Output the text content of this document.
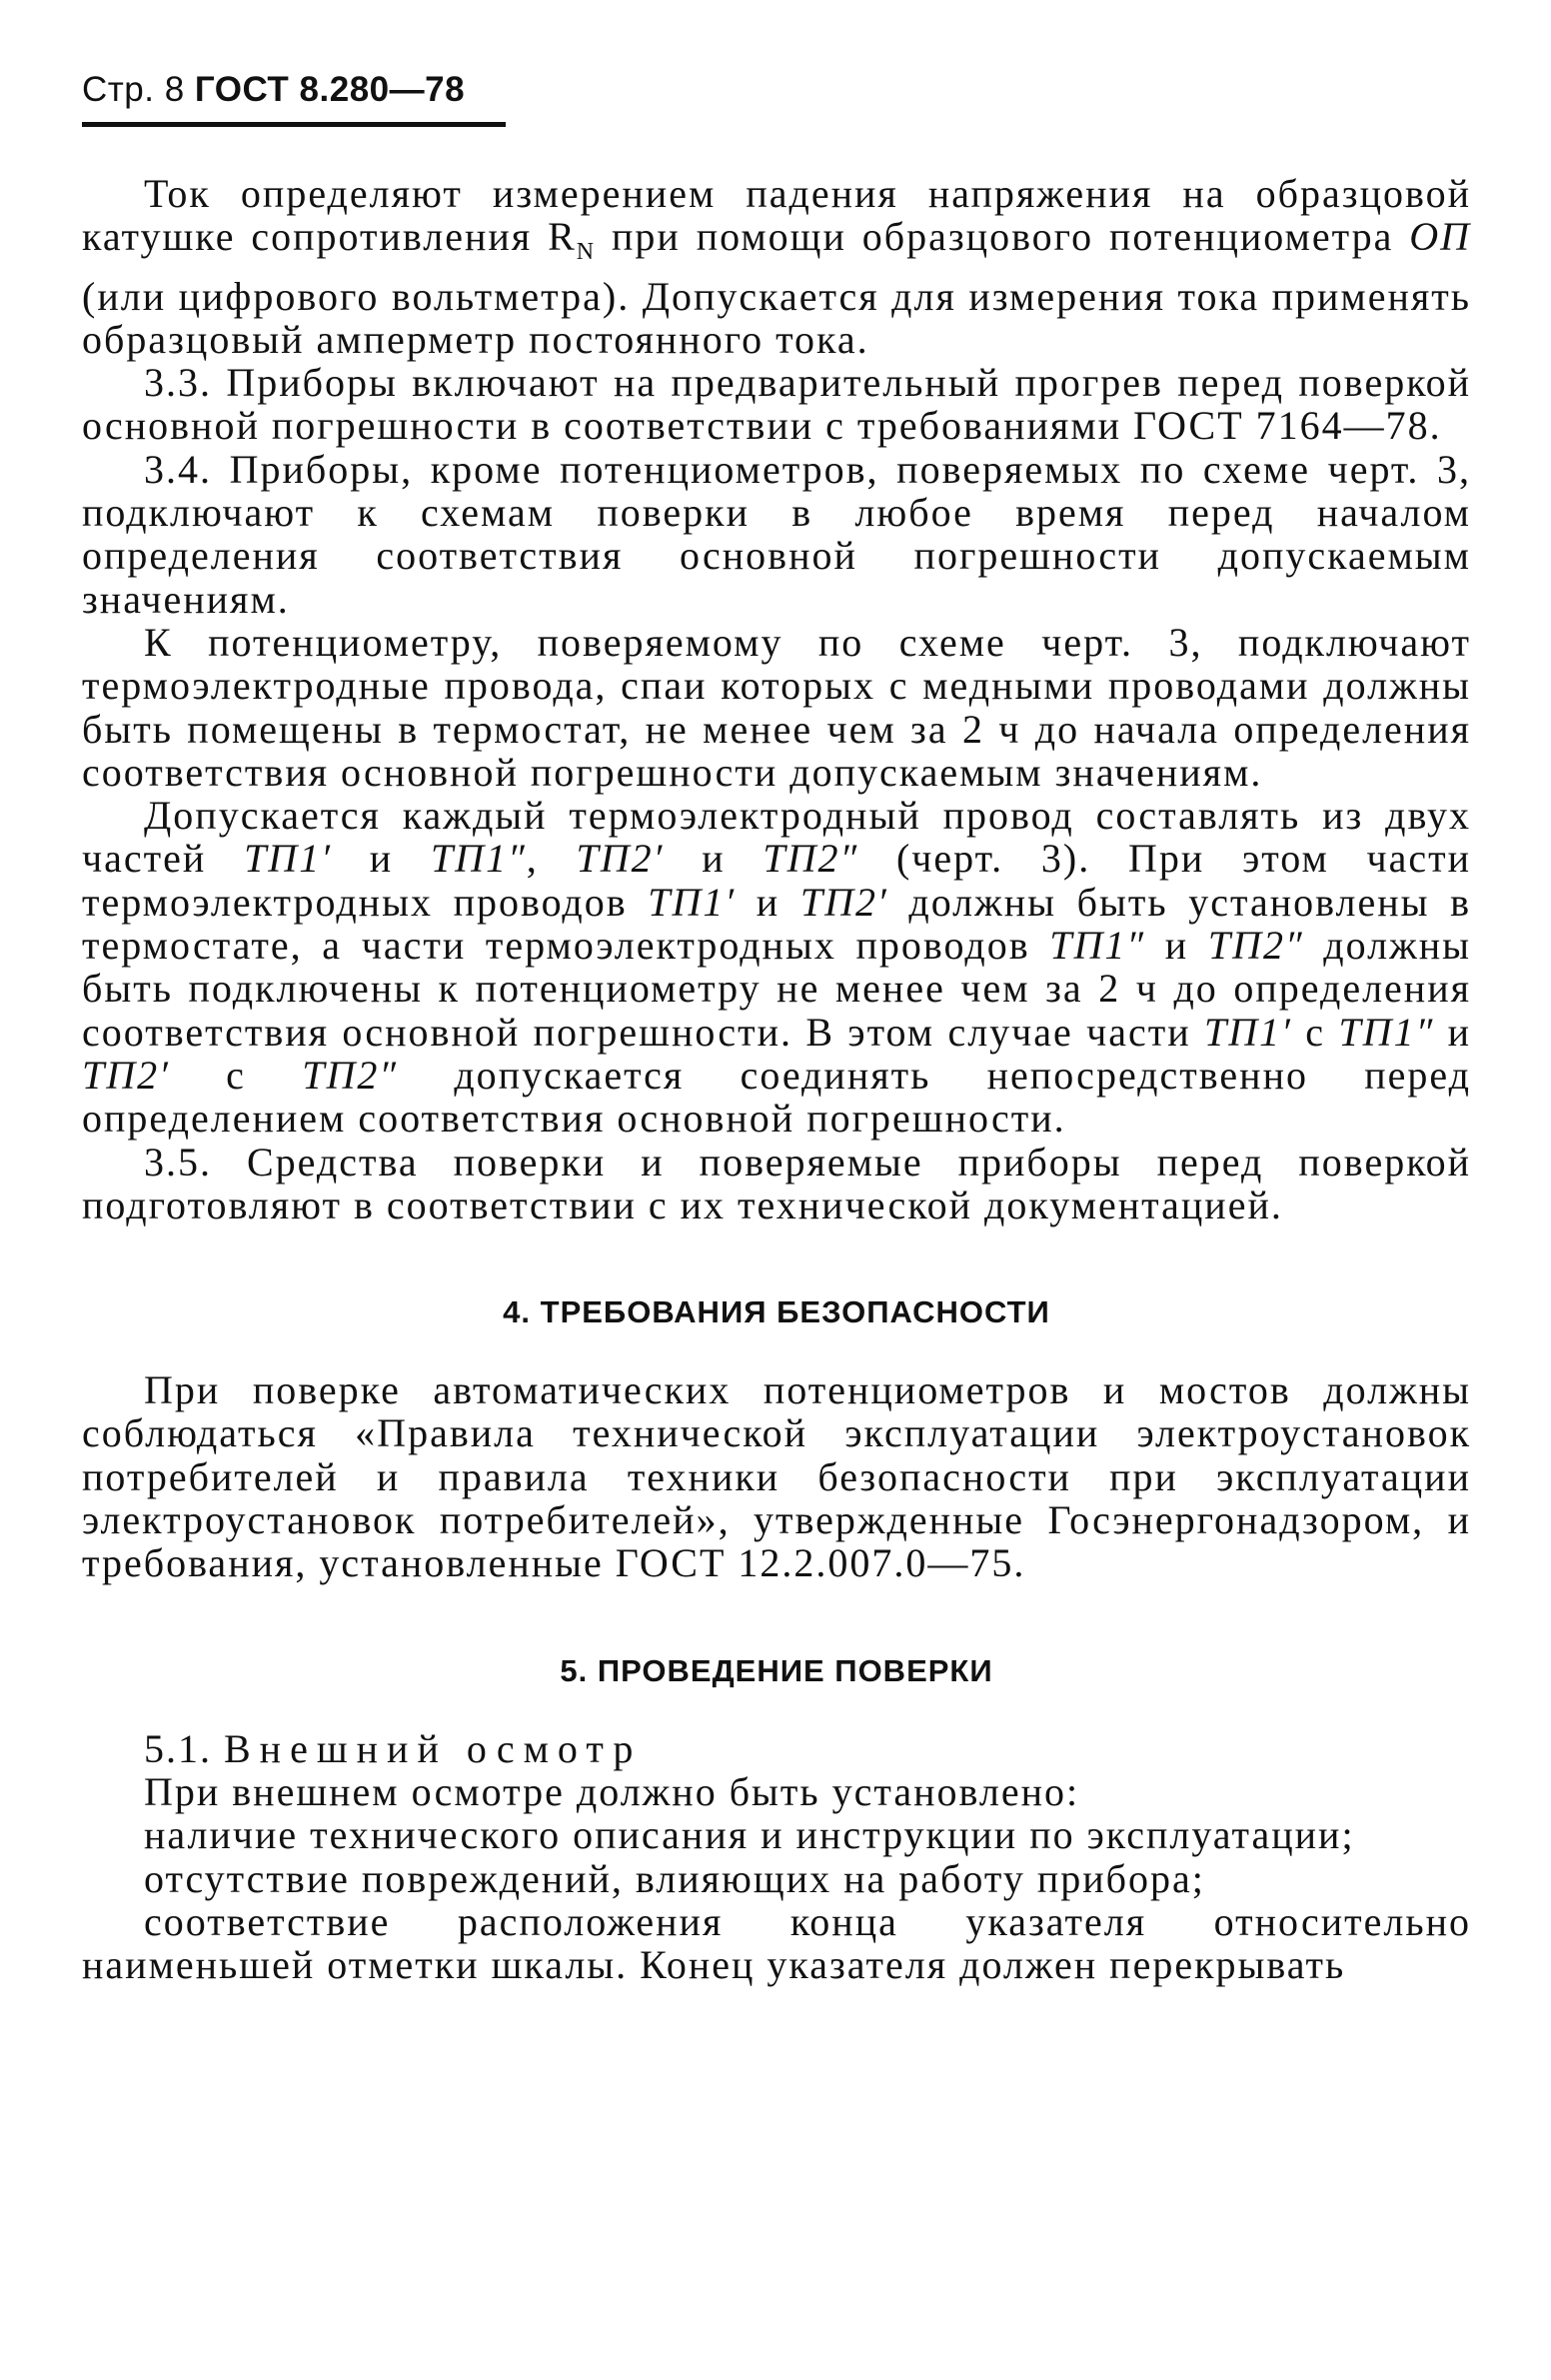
Стр. 8 ГОСТ 8.280—78

Ток определяют измерением падения напряжения на образцовой катушке сопротивления $R_N$ при помощи образцового потенциометра ОП (или цифрового вольтметра). Допускается для измерения тока применять образцовый амперметр постоянного тока.

3.3. Приборы включают на предварительный прогрев перед поверкой основной погрешности в соответствии с требованиями ГОСТ 7164—78.

3.4. Приборы, кроме потенциометров, поверяемых по схеме черт. 3, подключают к схемам поверки в любое время перед началом определения соответствия основной погрешности допускаемым значениям.

К потенциометру, поверяемому по схеме черт. 3, подключают термоэлектродные провода, спаи которых с медными проводами должны быть помещены в термостат, не менее чем за 2 ч до начала определения соответствия основной погрешности допускаемым значениям.

Допускается каждый термоэлектродный провод составлять из двух частей ТП1′ и ТП1″, ТП2′ и ТП2″ (черт. 3). При этом части термоэлектродных проводов ТП1′ и ТП2′ должны быть установлены в термостате, а части термоэлектродных проводов ТП1″ и ТП2″ должны быть подключены к потенциометру не менее чем за 2 ч до определения соответствия основной погрешности. В этом случае части ТП1′ с ТП1″ и ТП2′ с ТП2″ допускается соединять непосредственно перед определением соответствия основной погрешности.

3.5. Средства поверки и поверяемые приборы перед поверкой подготовляют в соответствии с их технической документацией.

4. ТРЕБОВАНИЯ БЕЗОПАСНОСТИ

При поверке автоматических потенциометров и мостов должны соблюдаться «Правила технической эксплуатации электроустановок потребителей и правила техники безопасности при эксплуатации электроустановок потребителей», утвержденные Госэнергонадзором, и требования, установленные ГОСТ 12.2.007.0—75.

5. ПРОВЕДЕНИЕ ПОВЕРКИ

5.1. Внешний осмотр

При внешнем осмотре должно быть установлено:

наличие технического описания и инструкции по эксплуатации;

отсутствие повреждений, влияющих на работу прибора;

соответствие расположения конца указателя относительно наименьшей отметки шкалы. Конец указателя должен перекрывать
